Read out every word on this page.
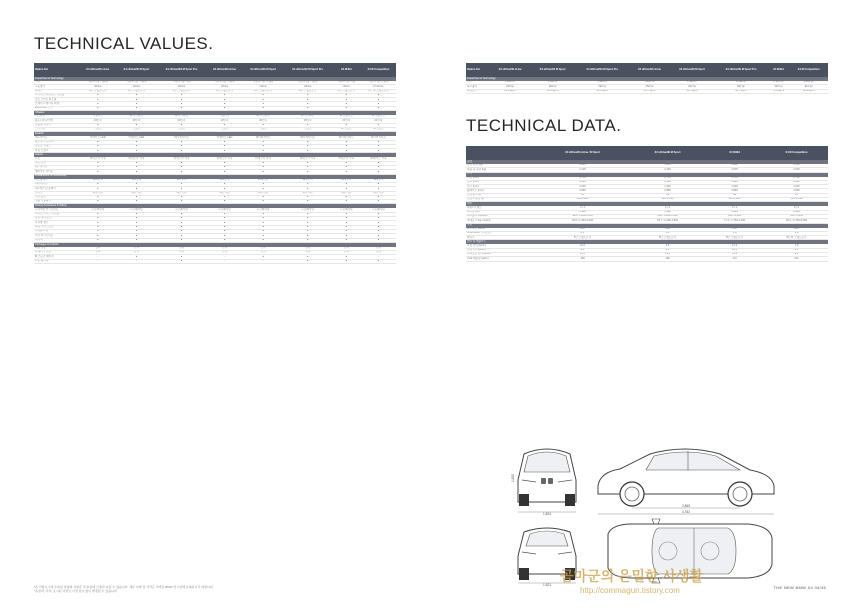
TECHNICAL VALUES.
TECHNICAL DATA.
Option list	X4 xDrive20i xLine	X4 xDrive20i M Sport	X4 xDrive20d M Sport Pro	X4 xDrive30i xLine	X4 xDrive30i M Sport	X4 xDrive30i M Sport Pro	X4 M40d	X4 M Competition
Powertrain & Technology								
엔진	직렬 4기통 가솔린	직렬 4기통 가솔린	직렬 4기통 디젤	직렬 4기통 가솔린	직렬 4기통 가솔린	직렬 4기통 가솔린	직렬 6기통 디젤	직렬 6기통 가솔린
구동방식	xDrive	xDrive	xDrive	xDrive	xDrive	xDrive	xDrive	M xDrive
변속기	8단 스텝트로닉	8단 스텝트로닉	8단 스텝트로닉	8단 스텝트로닉	8단 스텝트로닉	8단 스텝트로닉	8단 스텝트로닉	8단 M 스텝트로닉
드라이브 퍼포먼스 컨트롤	●	●	●	●	●	●	●	●
오토 스타트 & 스톱	●	●	●	●	●	●	●	●
브레이크 에너지 회생	●	●	●	●	●	●	●	●
ECO PRO 모드	●	●	●	●	●	●	●	●
Chassis								
서스펜션	어댑티브	M 서스펜션	M 서스펜션	어댑티브	M 서스펜션	M 서스펜션	M 어댑티브	M 어댑티브
휠 (프런트/리어)	19인치	19인치	20인치	19인치	20인치	20인치	21인치	21인치
런플랫 타이어	●	●	●	●	●	●	●	●
스티어링	스포츠	스포츠	스포츠	스포츠	스포츠	스포츠	M 스포츠	M 스포츠
Exterior								
헤드라이트	어댑티브 LED	어댑티브 LED	레이저라이트	어댑티브 LED	레이저라이트	레이저라이트	레이저라이트	레이저라이트
파노라마 선루프	●	●	●	●	●	●	●	●
컴포트 액세스	●	●	●	●	●	●	●	●
자동 트렁크	●	●	●	●	●	●	●	●
Interior								
시트	버네스카 가죽	버네스카 가죽	버네스카 가죽	버네스카 가죽	버네스카 가죽	버네스카 가죽	버네스카 가죽	M 메리노 가죽
열선 시트	●	●	●	●	●	●	●	●
3존 에어컨	●	●	●	●	●	●	●	●
앰비언트 라이트	●	●	●	●	●	●	●	●
Infotainment & Connectivity								
디스플레이	12.3인치	12.3인치	12.3인치	12.3인치	12.3인치	12.3인치	12.3인치	12.3인치
내비게이션	●	●	●	●	●	●	●	●
헤드업 디스플레이	●	●	●	●	●	●	●	●
오디오	하만카돈	하만카돈	하만카돈	하만카돈	하만카돈	하만카돈	하만카돈	하만카돈
무선 충전	●	●	●	●	●	●	●	●
애플 카플레이	●	●	●	●	●	●	●	●
Driving Assistance & Safety								
드라이빙 어시스턴트	프로페셔널	프로페셔널	프로페셔널	프로페셔널	프로페셔널	프로페셔널	프로페셔널	프로페셔널
액티브 크루즈 컨트롤	●	●	●	●	●	●	●	●
차선 유지 보조	●	●	●	●	●	●	●	●
후측방 경고	●	●	●	●	●	●	●	●
파킹 어시스턴트	●	●	●	●	●	●	●	●
서라운드 뷰	●	●	●	●	●	●	●	●
후진 어시스턴트	●	●	●	●	●	●	●	●
에어백	●	●	●	●	●	●	●	●
Packages & Colours								
외장 색상	선택	선택	선택	선택	선택	선택	선택	선택
인테리어 트림	선택	선택	선택	선택	선택	선택	선택	선택
M 스포츠 패키지	-	●	●	-	●	●	●	-
프로 패키지	-	-	●	-	-	●	●	●
Option list	X4 xDrive20i xLine	X4 xDrive20i M Sport	X4 xDrive20d M Sport Pro	X4 xDrive30i xLine	X4 xDrive30i M Sport	X4 xDrive30i M Sport Pro	X4 M40d	X4 M Competition
Powertrain & Technology								
엔진	1,998 cc	1,998 cc	1,995 cc	1,998 cc	1,998 cc	1,998 cc	2,993 cc	2,993 cc
최고출력	184 hp	184 hp	190 hp	252 hp	252 hp	252 hp	340 hp	510 hp
최대토크	30.6 kg·m	30.6 kg·m	40.8 kg·m	35.7 kg·m	35.7 kg·m	35.7 kg·m	71.4 kg·m	66.3 kg·m
	X4 xDrive20i xLine / M Sport	X4 xDrive30i M Sport	X4 M40d	X4 M Competition
중량				
공차 중량 (kg)	1,845	1,865	2,000	2,040
허용 총 중량 (kg)	2,425	2,445	2,575	2,545
크기				
전장 (mm)	4,755	4,755	4,755	4,760
전폭 (mm)	1,920	1,920	1,920	1,940
전고 (mm)	1,620	1,620	1,620	1,620
휠베이스 (mm)	2,865	2,865	2,865	2,865
연료탱크 (L)	65	65	68	65
트렁크 용량 (L)	525-1,430	525-1,430	525-1,430	525-1,430
엔진				
실린더 / 밸브	4 / 4	4 / 4	6 / 4	6 / 4
배기량 (cc)	1,998	1,998	2,993	2,993
최고출력 (hp/rpm)	184 / 5,000-6,500	252 / 5,200-6,500	340 / 4,400	510 / 6,250
최대토크 (kg·m/rpm)	30.6 / 1,350-4,000	35.7 / 1,450-4,800	71.4 / 1,750-2,250	66.3 / 2,750-5,500
성능				
최고속도 (km/h)	215	240	250	250
0-100 km/h 가속 (초)	8.3	6.3	4.9	3.8
변속기	8단 스텝트로닉	8단 스텝트로닉	8단 스텝트로닉	8단 M 스텝트로닉
연비 및 배출가스				
복합 연비 (km/L)	10.2	9.5	11.3	7.9
도심 연비 (km/L)	9.0	8.4	10.1	6.8
고속도로 연비 (km/L)	12.1	11.3	13.1	9.8
CO2 배출량 (g/km)	168	180	170	222
1,624
1,620
2,865
4,752
1,621
*본 카탈로그에 수록된 차량의 사양은 국내 판매 모델과 다를 수 있습니다. 세부 사양 및 가격은 가까운 BMW 전시장에 문의하시기 바랍니다.
*유류비, 가격, 표시된 사양은 사전 통보 없이 변경될 수 있습니다.
곰마군의 은밀한 사생활
http://commagun.tistory.com	THE NEW BMW X4 34/35
